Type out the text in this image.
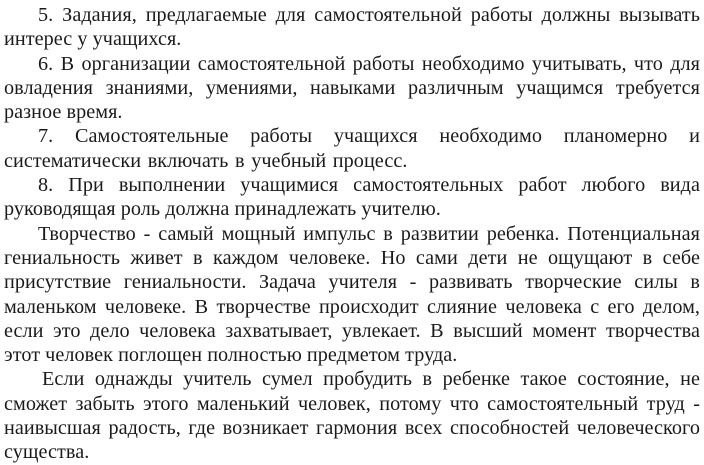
5. Задания, предлагаемые для самостоятельной работы должны вызывать интерес у учащихся.

6. В организации самостоятельной работы необходимо учитывать, что для овладения знаниями, умениями, навыками различным учащимся требуется разное время.

7. Самостоятельные работы учащихся необходимо планомерно и систематически включать в учебный процесс.

8. При выполнении учащимися самостоятельных работ любого вида руководящая роль должна принадлежать учителю.

Творчество - самый мощный импульс в развитии ребенка. Потенциальная гениальность живет в каждом человеке. Но сами дети не ощущают в себе присутствие гениальности. Задача учителя - развивать творческие силы в маленьком человеке. В творчестве происходит слияние человека с его делом, если это дело человека захватывает, увлекает. В высший момент творчества этот человек поглощен полностью предметом труда.

Если однажды учитель сумел пробудить в ребенке такое состояние, не сможет забыть этого маленький человек, потому что самостоятельный труд - наивысшая радость, где возникает гармония всех способностей человеческого существа.
